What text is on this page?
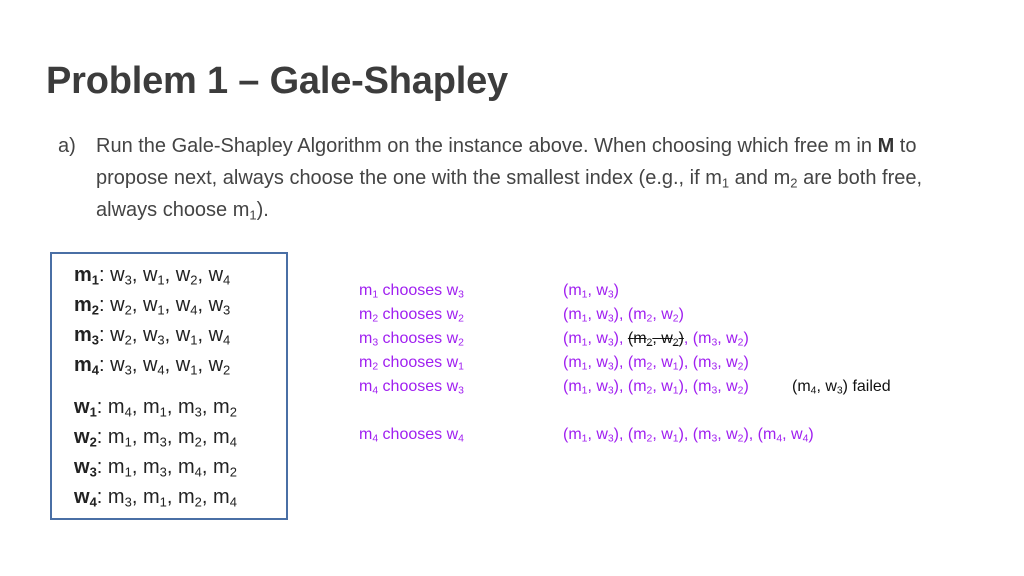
Problem 1 – Gale-Shapley
a)	Run the Gale-Shapley Algorithm on the instance above. When choosing which free m in M to propose next, always choose the one with the smallest index (e.g., if $m_1$ and $m_2$ are both free, always choose $m_1$).
$m_1$: $w_3$, $w_1$, $w_2$, $w_4$
$m_2$: $w_2$, $w_1$, $w_4$, $w_3$
$m_3$: $w_2$, $w_3$, $w_1$, $w_4$
$m_4$: $w_3$, $w_4$, $w_1$, $w_2$
$w_1$: $m_4$, $m_1$, $m_3$, $m_2$
$w_2$: $m_1$, $m_3$, $m_2$, $m_4$
$w_3$: $m_1$, $m_3$, $m_4$, $m_2$
$w_4$: $m_3$, $m_1$, $m_2$, $m_4$
$m_1$ chooses $w_3$	($m_1$, $w_3$)
$m_2$ chooses $w_2$	($m_1$, $w_3$), ($m_2$, $w_2$)
$m_3$ chooses $w_2$	($m_1$, $w_3$), ($m_2$, $w_2$), ($m_3$, $w_2$)
$m_2$ chooses $w_1$	($m_1$, $w_3$), ($m_2$, $w_1$), ($m_3$, $w_2$)
$m_4$ chooses $w_3$	($m_1$, $w_3$), ($m_2$, $w_1$), ($m_3$, $w_2$)	($m_4$, $w_3$) failed
$m_4$ chooses $w_4$	($m_1$, $w_3$), ($m_2$, $w_1$), ($m_3$, $w_2$), ($m_4$, $w_4$)
